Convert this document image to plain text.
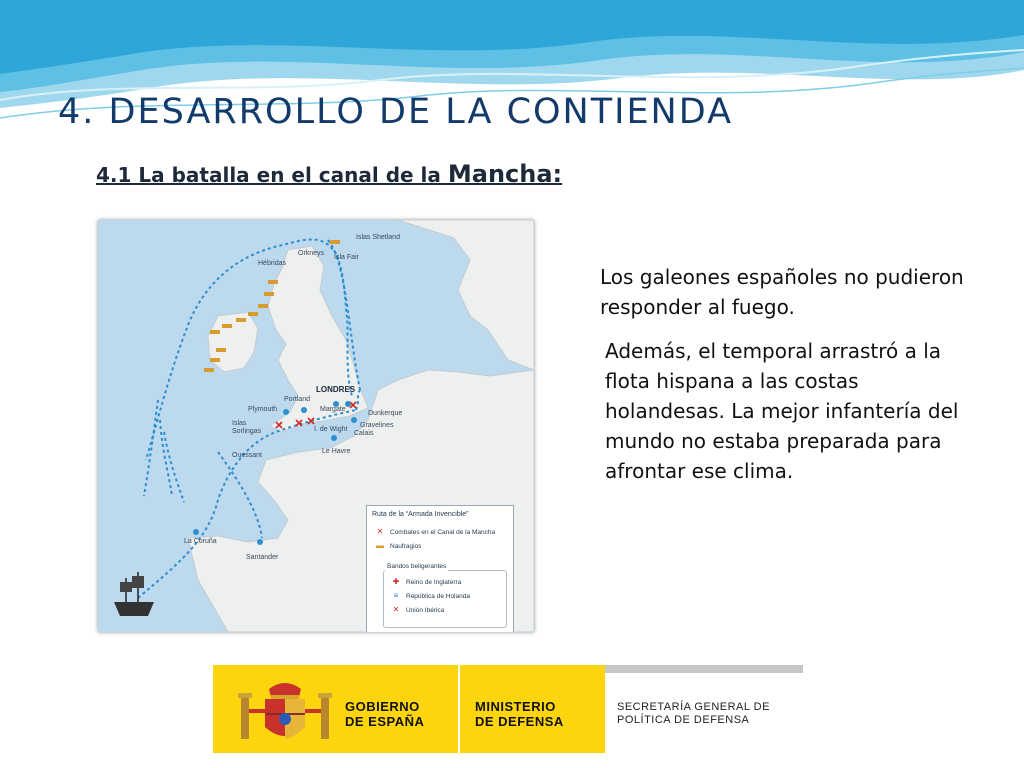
4. DESARROLLO DE LA CONTIENDA
4.1 La batalla en el canal de la Mancha:
Islas Shetland
Orkneys
Hébridas
Isla Fair
LONDRES
Portland
Plymouth	Margate
Dunkerque
Gravelines
Calais
I. de Wight
Islas Sorlingas
Le Havre
Ouessant
La Coruña
Santander
Ruta de la “Armada Invencible”
✕ Combates en el Canal de la Mancha
▬ Naufragios
Bandos beligerantes
✚ Reino de Inglaterra
≡ República de Holanda
✕ Unión Ibérica

Los galeones españoles no pudieron responder al fuego.

Además, el temporal arrastró a la flota hispana a las costas holandesas. La mejor infantería del mundo no estaba preparada para afrontar ese clima.

GOBIERNO
DE ESPAÑA
MINISTERIO
DE DEFENSA
SECRETARÍA GENERAL DE
POLÍTICA DE DEFENSA
